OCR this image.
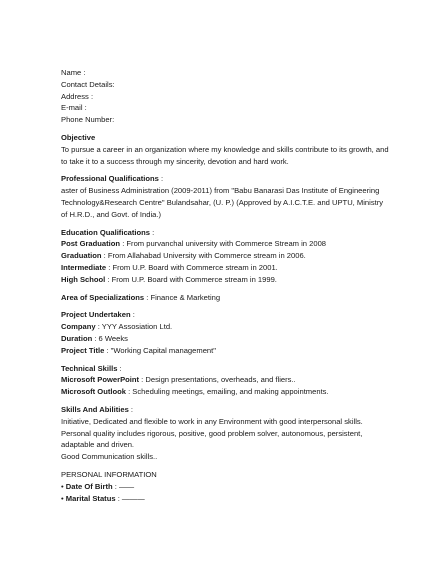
Name :
Contact Details:
Address :
E-mail :
Phone Number:
Objective
To pursue a career in an organization where my knowledge and skills contribute to its growth, and to take it to a success through my sincerity, devotion and hard work.
Professional Qualifications :
aster of Business Administration (2009-2011) from "Babu Banarasi Das Institute of Engineering Technology&Research Centre" Bulandsahar, (U. P.) (Approved by A.I.C.T.E. and UPTU, Ministry of H.R.D., and Govt. of India.)
Education Qualifications :
Post Graduation : From purvanchal university with Commerce Stream in 2008
Graduation : From Allahabad University with Commerce stream in 2006.
Intermediate : From U.P. Board with Commerce stream in 2001.
High School : From U.P. Board with Commerce stream in 1999.
Area of Specializations : Finance & Marketing
Project Undertaken :
Company : YYY Assosiation Ltd.
Duration : 6 Weeks
Project Title : "Working Capital management"
Technical Skills :
Microsoft PowerPoint : Design presentations, overheads, and fliers..
Microsoft Outlook : Scheduling meetings, emailing, and making appointments.
Skills And Abilities :
Initiative, Dedicated and flexible to work in any Environment with good interpersonal skills.
Personal quality includes rigorous, positive, good problem solver, autonomous, persistent, adaptable and driven.
Good Communication skills..
PERSONAL INFORMATION
• Date Of Birth : ——
• Marital Status : ———
